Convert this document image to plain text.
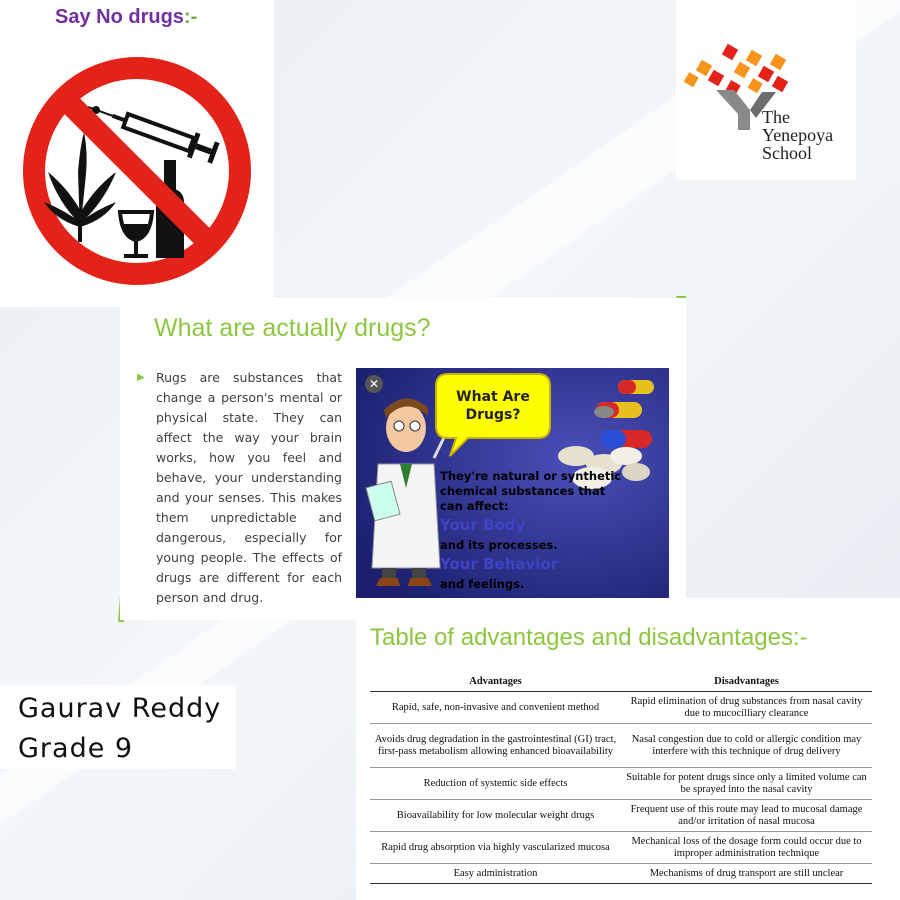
Say No drugs:-
The
Yenepoya
School
What are actually drugs?
▶ Rugs are substances that change a person's mental or physical state. They can affect the way your brain works, how you feel and behave, your understanding and your senses. This makes them unpredictable and dangerous, especially for young people. The effects of drugs are different for each person and drug.
✕
What Are Drugs?
They're natural or synthetic chemical substances that can affect:
Your Body
and its processes.
Your Behavior
and feelings.
Table of advantages and disadvantages:-
Advantages	Disadvantages
Rapid, safe, non-invasive and convenient method	Rapid elimination of drug substances from nasal cavity due to mucocilliary clearance
Avoids drug degradation in the gastrointestinal (GI) tract, first-pass metabolism allowing enhanced bioavailability	Nasal congestion due to cold or allergic condition may interfere with this technique of drug delivery
Reduction of systemic side effects	Suitable for potent drugs since only a limited volume can be sprayed into the nasal cavity
Bioavailability for low molecular weight drugs	Frequent use of this route may lead to mucosal damage and/or irritation of nasal mucosa
Rapid drug absorption via highly vascularized mucosa	Mechanical loss of the dosage form could occur due to improper administration technique
Easy administration	Mechanisms of drug transport are still unclear
Gaurav Reddy
Grade 9
